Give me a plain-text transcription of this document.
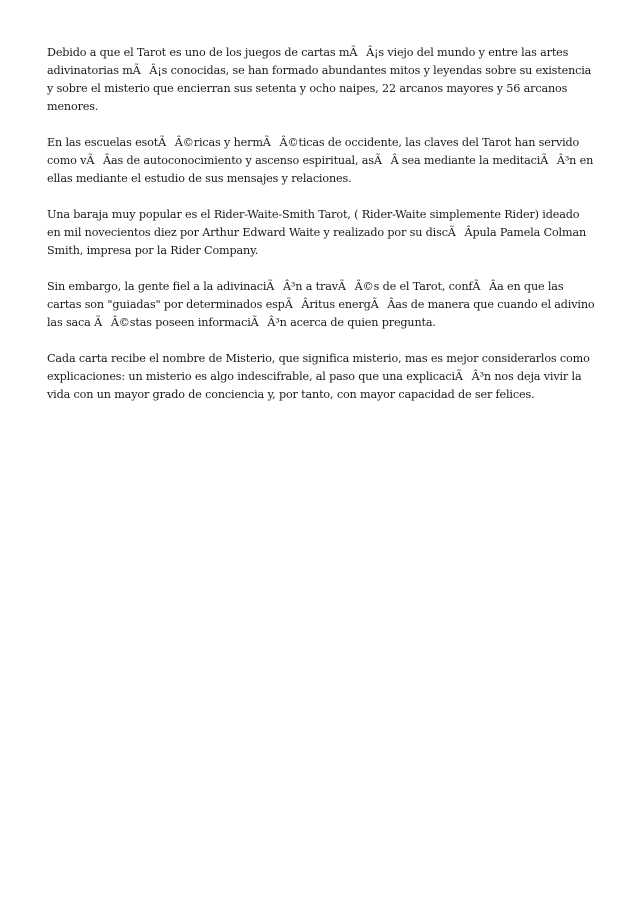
Debido a que el Tarot es uno de los juegos de cartas mÃÂ¡s viejo del mundo y entre las artes adivinatorias mÃÂ¡s conocidas, se han formado abundantes mitos y leyendas sobre su existencia y sobre el misterio que encierran sus setenta y ocho naipes, 22 arcanos mayores y 56 arcanos menores.

En las escuelas esotÃÂ©ricas y hermÃÂ©ticas de occidente, las claves del Tarot han servido como vÃÂas de autoconocimiento y ascenso espiritual, asÃÂ sea mediante la meditaciÃÂ³n en ellas mediante el estudio de sus mensajes y relaciones.

Una baraja muy popular es el Rider-Waite-Smith Tarot, ( Rider-Waite simplemente Rider) ideado en mil novecientos diez por Arthur Edward Waite y realizado por su discÃÂpula Pamela Colman Smith, impresa por la Rider Company.

Sin embargo, la gente fiel a la adivinaciÃÂ³n a travÃÂ©s de el Tarot, confÃÂa en que las cartas son "guiadas" por determinados espÃÂritus energÃÂas de manera que cuando el adivino las saca ÃÂ©stas poseen informaciÃÂ³n acerca de quien pregunta.

Cada carta recibe el nombre de Misterio, que significa misterio, mas es mejor considerarlos como explicaciones: un misterio es algo indescifrable, al paso que una explicaciÃÂ³n nos deja vivir la vida con un mayor grado de conciencia y, por tanto, con mayor capacidad de ser felices.
